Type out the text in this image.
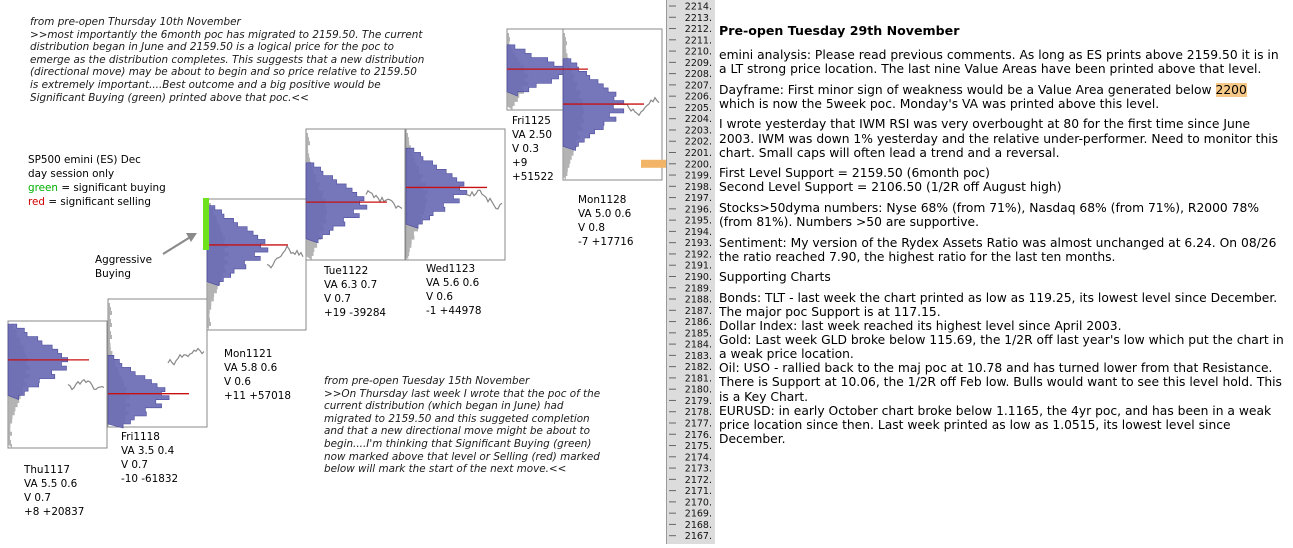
from pre-open Thursday 10th November
>>most importantly the 6month poc has migrated to 2159.50. The current
distribution began in June and 2159.50 is a logical price for the poc to
emerge as the distribution completes. This suggests that a new distribution
(directional move) may be about to begin and so price relative to 2159.50
is extremely important....Best outcome and a big positive would be
Significant Buying (green) printed above that poc.<<
SP500 emini (ES) Dec
day session only
green = significant buying
red = significant selling
Aggressive
Buying
Thu1117
VA 5.5 0.6
V 0.7
+8 +20837
Fri1118
VA 3.5 0.4
V 0.7
-10 -61832
Mon1121
VA 5.8 0.6
V 0.6
+11 +57018
Tue1122
VA 6.3 0.7
V 0.7
+19 -39284
Wed1123
VA 5.6 0.6
V 0.6
-1 +44978
Fri1125
VA 2.50
V 0.3
+9
+51522
Mon1128
VA 5.0 0.6
V 0.8
-7 +17716
from pre-open Tuesday 15th November
>>On Thursday last week I wrote that the poc of the
current distribution (which began in June) had
migrated to 2159.50 and this suggeted completion
and that a new directional move might be about to
begin....I'm thinking that Significant Buying (green)
now marked above that level or Selling (red) marked
below will mark the start of the next move.<<
2214.
2213.
2212.
2211.
2210.
2209.
2208.
2207.
2206.
2205.
2204.
2203.
2202.
2201.
2200.
2199.
2198.
2197.
2196.
2195.
2194.
2193.
2192.
2191.
2190.
2189.
2188.
2187.
2186.
2185.
2184.
2183.
2182.
2181.
2180.
2179.
2178.
2177.
2176.
2175.
2174.
2173.
2172.
2171.
2170.
2169.
2168.
2167.
Pre-open Tuesday 29th November

emini analysis: Please read previous comments. As long as ES prints above 2159.50 it is in a LT strong price location. The last nine Value Areas have been printed above that level.

Dayframe: First minor sign of weakness would be a Value Area generated below 2200 which is now the 5week poc. Monday's VA was printed above this level.

I wrote yesterday that IWM RSI was very overbought at 80 for the first time since June 2003. IWM was down 1% yesterday and the relative under-performer. Need to monitor this chart. Small caps will often lead a trend and a reversal.

First Level Support = 2159.50 (6month poc)
Second Level Support = 2106.50 (1/2R off August high)

Stocks>50dyma numbers: Nyse 68% (from 71%), Nasdaq 68% (from 71%), R2000 78% (from 81%). Numbers >50 are supportive.

Sentiment: My version of the Rydex Assets Ratio was almost unchanged at 6.24. On 08/26 the ratio reached 7.90, the highest ratio for the last ten months.

Supporting Charts

Bonds: TLT - last week the chart printed as low as 119.25, its lowest level since December. The major poc Support is at 117.15.
Dollar Index: last week reached its highest level since April 2003.
Gold: Last week GLD broke below 115.69, the 1/2R off last year's low which put the chart in a weak price location.
Oil: USO - rallied back to the maj poc at 10.78 and has turned lower from that Resistance. There is Support at 10.06, the 1/2R off Feb low. Bulls would want to see this level hold. This is a Key Chart.
EURUSD: in early October chart broke below 1.1165, the 4yr poc, and has been in a weak price location since then. Last week printed as low as 1.0515, its lowest level since December.
